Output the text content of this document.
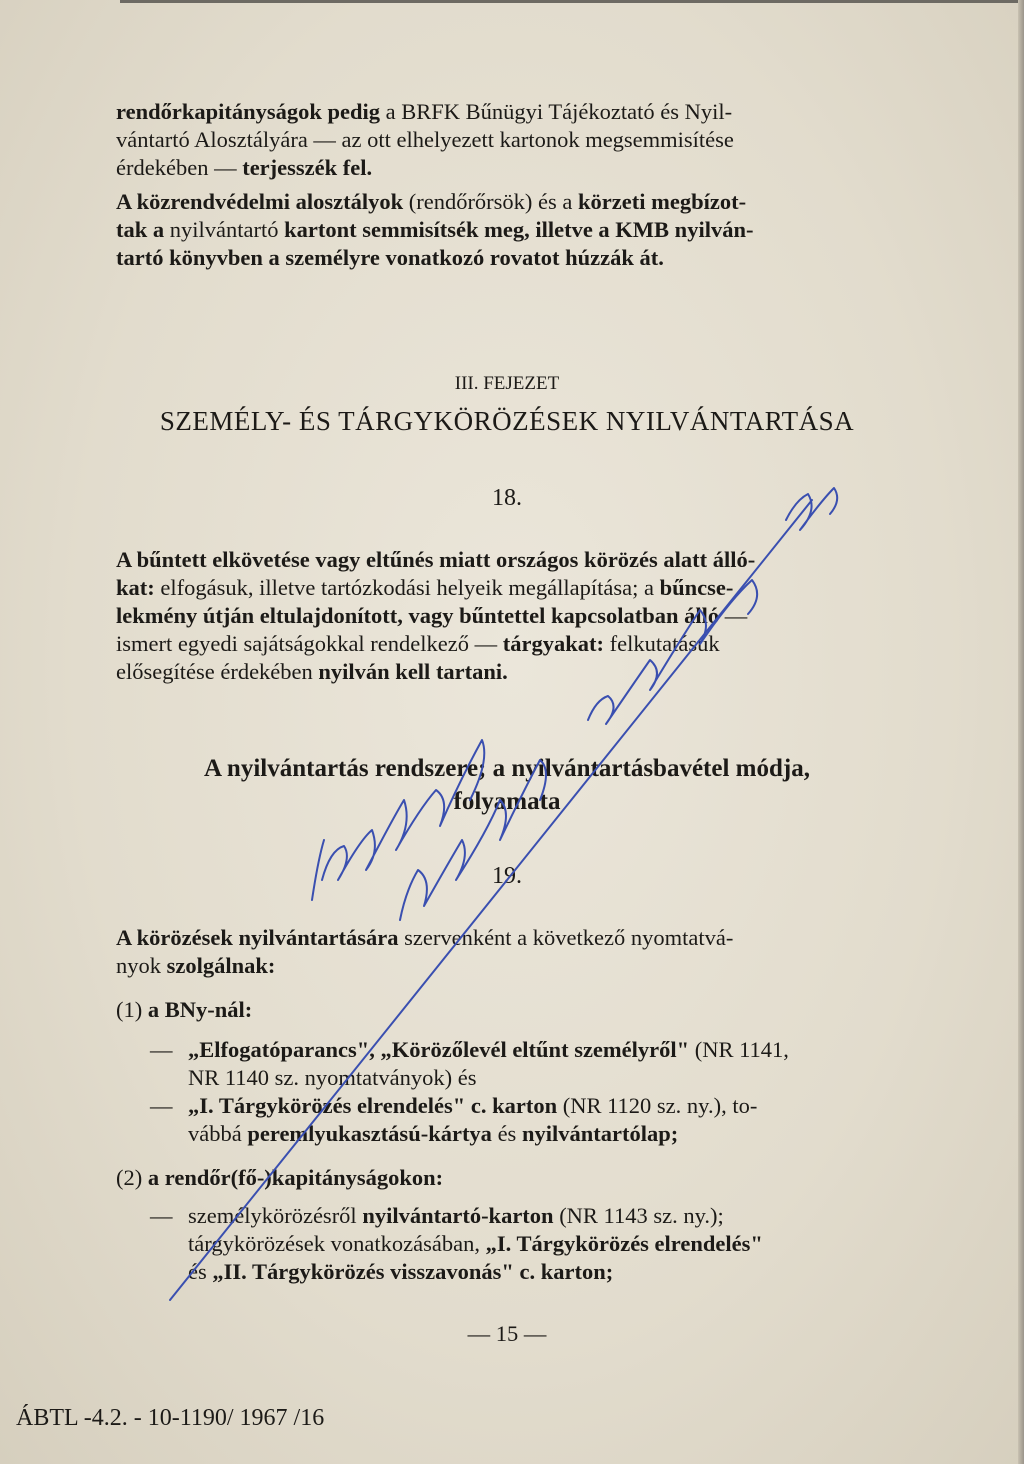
rendőrkapitányságok pedig a BRFK Bűnügyi Tájékoztató és Nyil-
vántartó Alosztályára — az ott elhelyezett kartonok megsemmisítése
érdekében — terjesszék fel.
A közrendvédelmi alosztályok (rendőrőrsök) és a körzeti megbízot-
tak a nyilvántartó kartont semmisítsék meg, illetve a KMB nyilván-
tartó könyvben a személyre vonatkozó rovatot húzzák át.
III. FEJEZET
SZEMÉLY- ÉS TÁRGYKÖRÖZÉSEK NYILVÁNTARTÁSA
18.
A bűntett elkövetése vagy eltűnés miatt országos körözés alatt álló-
kat: elfogásuk, illetve tartózkodási helyeik megállapítása; a bűncse-
lekmény útján eltulajdonított, vagy bűntettel kapcsolatban álló —
ismert egyedi sajátságokkal rendelkező — tárgyakat: felkutatásuk
elősegítése érdekében nyilván kell tartani.
A nyilvántartás rendszere; a nyilvántartásbavétel módja,
folyamata
19.
A körözések nyilvántartására szervenként a következő nyomtatvá-
nyok szolgálnak:
(1) a BNy-nál:
— „Elfogatóparancs", „Körözőlevél eltűnt személyről" (NR 1141,
NR 1140 sz. nyomtatványok) és
— „I. Tárgykörözés elrendelés" c. karton (NR 1120 sz. ny.), to-
vábbá peremlyukasztású-kártya és nyilvántartólap;
(2) a rendőr(fő-)kapitányságokon:
— személykörözésről nyilvántartó-karton (NR 1143 sz. ny.);
tárgykörözések vonatkozásában, „I. Tárgykörözés elrendelés"
és „II. Tárgykörözés visszavonás" c. karton;
— 15 —
ÁBTL -4.2. - 10-1190/ 1967 /16
